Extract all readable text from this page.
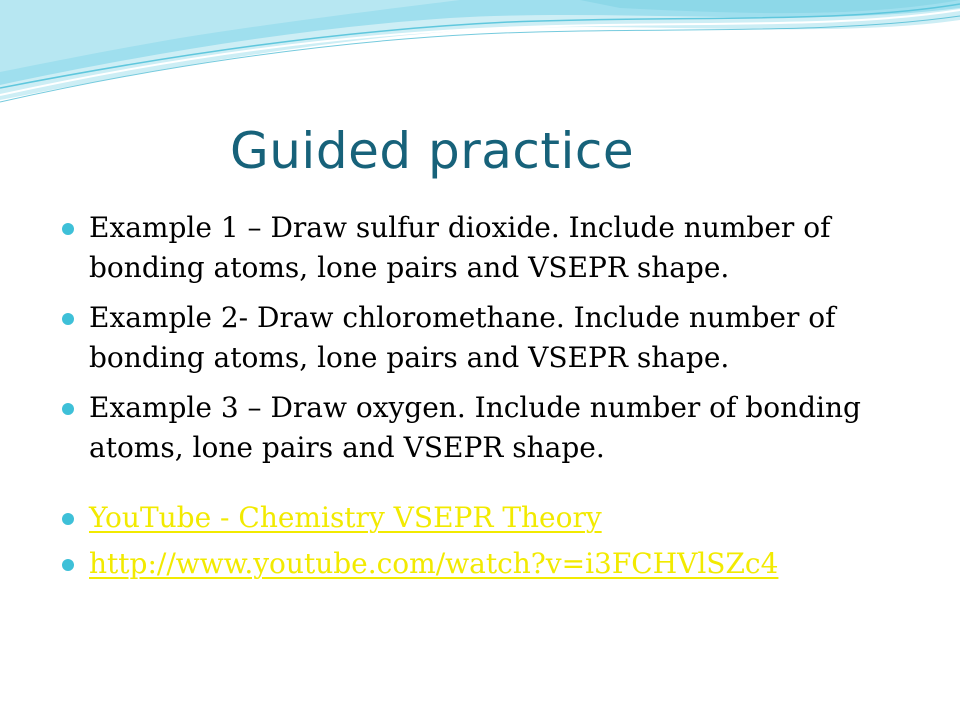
Guided practice
Example 1 – Draw sulfur dioxide. Include number of bonding atoms, lone pairs and VSEPR shape.
Example 2- Draw chloromethane. Include number of bonding atoms, lone pairs and VSEPR shape.
Example 3 – Draw oxygen. Include number of bonding atoms, lone pairs and VSEPR shape.
YouTube - Chemistry VSEPR Theory
http://www.youtube.com/watch?v=i3FCHVlSZc4
